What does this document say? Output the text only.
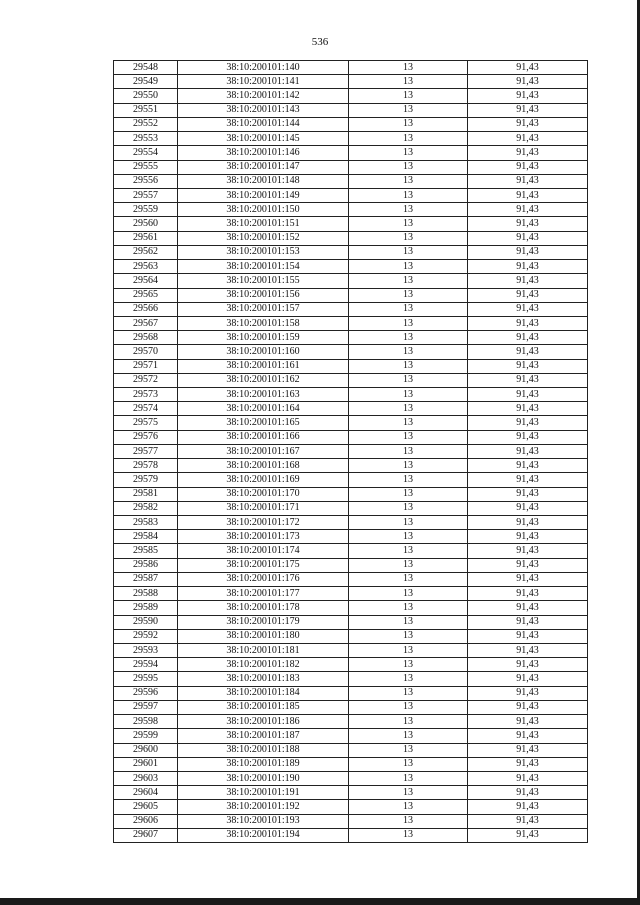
536
29548	38:10:200101:140	13	91,43
29549	38:10:200101:141	13	91,43
29550	38:10:200101:142	13	91,43
29551	38:10:200101:143	13	91,43
29552	38:10:200101:144	13	91,43
29553	38:10:200101:145	13	91,43
29554	38:10:200101:146	13	91,43
29555	38:10:200101:147	13	91,43
29556	38:10:200101:148	13	91,43
29557	38:10:200101:149	13	91,43
29559	38:10:200101:150	13	91,43
29560	38:10:200101:151	13	91,43
29561	38:10:200101:152	13	91,43
29562	38:10:200101:153	13	91,43
29563	38:10:200101:154	13	91,43
29564	38:10:200101:155	13	91,43
29565	38:10:200101:156	13	91,43
29566	38:10:200101:157	13	91,43
29567	38:10:200101:158	13	91,43
29568	38:10:200101:159	13	91,43
29570	38:10:200101:160	13	91,43
29571	38:10:200101:161	13	91,43
29572	38:10:200101:162	13	91,43
29573	38:10:200101:163	13	91,43
29574	38:10:200101:164	13	91,43
29575	38:10:200101:165	13	91,43
29576	38:10:200101:166	13	91,43
29577	38:10:200101:167	13	91,43
29578	38:10:200101:168	13	91,43
29579	38:10:200101:169	13	91,43
29581	38:10:200101:170	13	91,43
29582	38:10:200101:171	13	91,43
29583	38:10:200101:172	13	91,43
29584	38:10:200101:173	13	91,43
29585	38:10:200101:174	13	91,43
29586	38:10:200101:175	13	91,43
29587	38:10:200101:176	13	91,43
29588	38:10:200101:177	13	91,43
29589	38:10:200101:178	13	91,43
29590	38:10:200101:179	13	91,43
29592	38:10:200101:180	13	91,43
29593	38:10:200101:181	13	91,43
29594	38:10:200101:182	13	91,43
29595	38:10:200101:183	13	91,43
29596	38:10:200101:184	13	91,43
29597	38:10:200101:185	13	91,43
29598	38:10:200101:186	13	91,43
29599	38:10:200101:187	13	91,43
29600	38:10:200101:188	13	91,43
29601	38:10:200101:189	13	91,43
29603	38:10:200101:190	13	91,43
29604	38:10:200101:191	13	91,43
29605	38:10:200101:192	13	91,43
29606	38:10:200101:193	13	91,43
29607	38:10:200101:194	13	91,43
